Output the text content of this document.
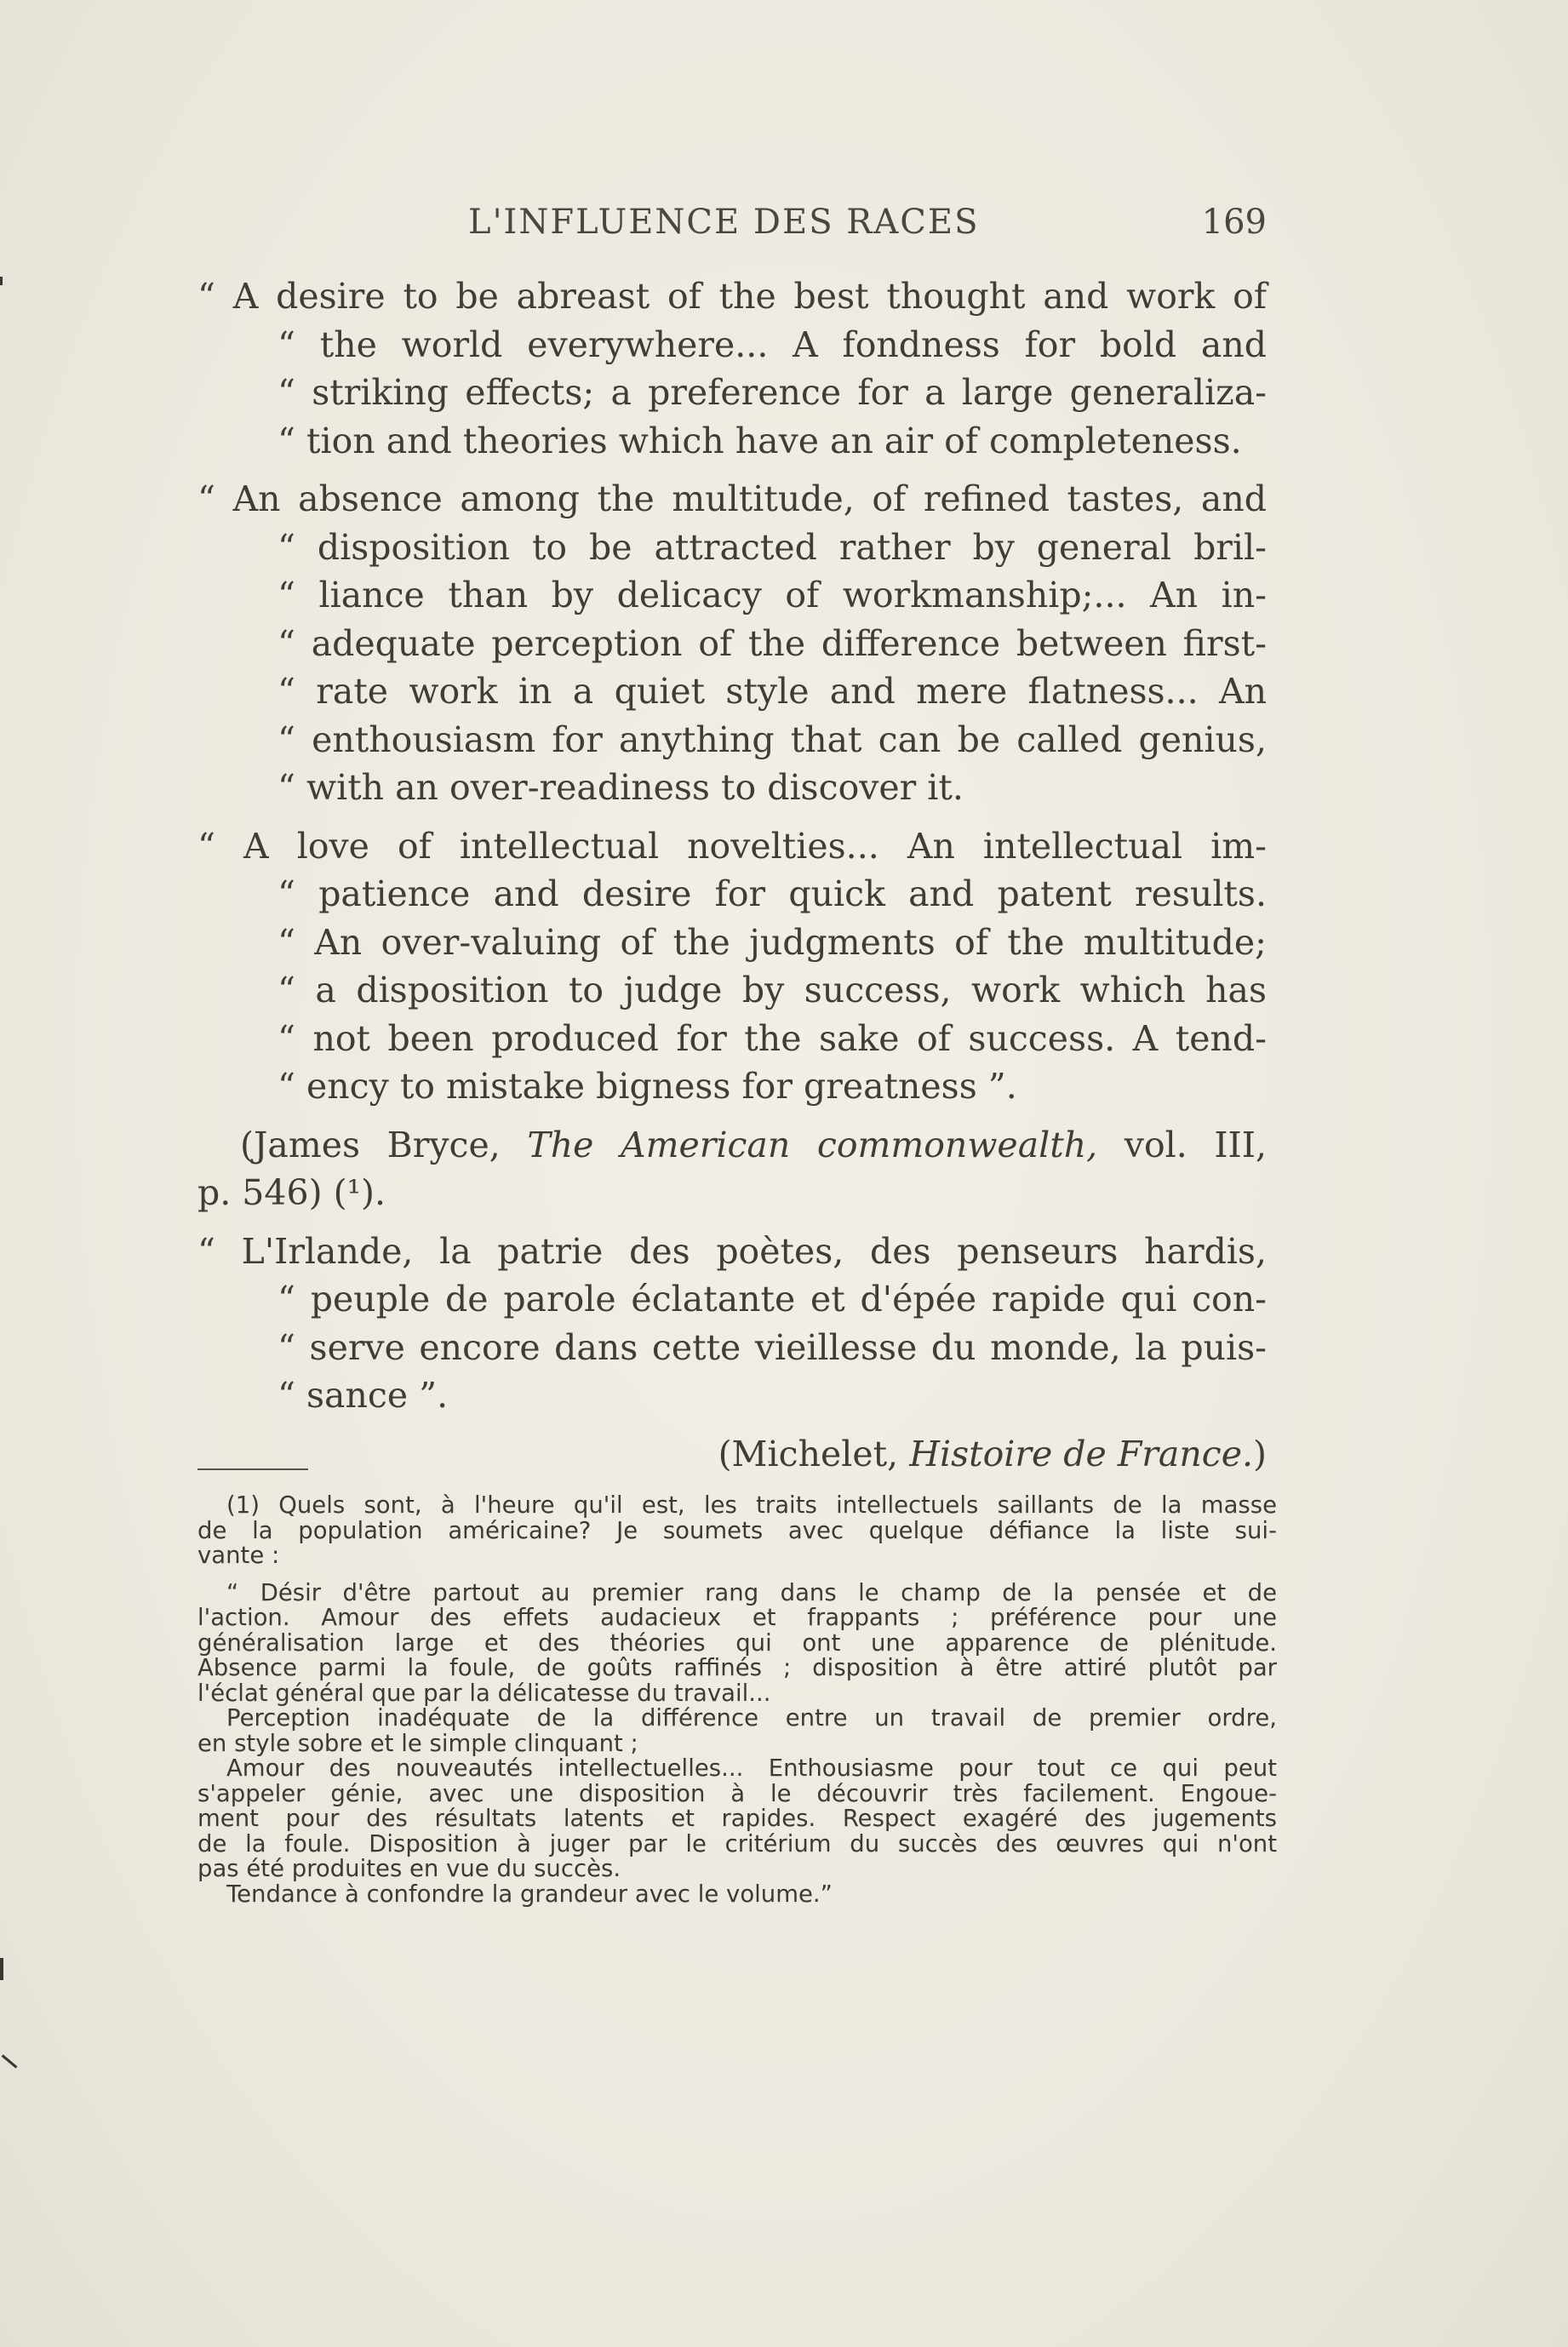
L'INFLUENCE DES RACES	169
“ A desire to be abreast of the best thought and work of
“ the world everywhere... A fondness for bold and
“ striking effects; a preference for a large generaliza-
“ tion and theories which have an air of completeness.
“ An absence among the multitude, of refined tastes, and
“ disposition to be attracted rather by general bril-
“ liance than by delicacy of workmanship;... An in-
“ adequate perception of the difference between first-
“ rate work in a quiet style and mere flatness... An
“ enthousiasm for anything that can be called genius,
“ with an over-readiness to discover it.
“ A love of intellectual novelties... An intellectual im-
“ patience and desire for quick and patent results.
“ An over-valuing of the judgments of the multitude;
“ a disposition to judge by success, work which has
“ not been produced for the sake of success. A tend-
“ ency to mistake bigness for greatness ”.
(James Bryce, The American commonwealth, vol. III,
p. 546) (¹).
“ L'Irlande, la patrie des poètes, des penseurs hardis,
“ peuple de parole éclatante et d'épée rapide qui con-
“ serve encore dans cette vieillesse du monde, la puis-
“ sance ”.
(Michelet, Histoire de France.)
(1) Quels sont, à l'heure qu'il est, les traits intellectuels saillants de la masse
de la population américaine? Je soumets avec quelque défiance la liste sui-
vante :
“ Désir d'être partout au premier rang dans le champ de la pensée et de
l'action. Amour des effets audacieux et frappants ; préférence pour une
généralisation large et des théories qui ont une apparence de plénitude.
Absence parmi la foule, de goûts raffinés ; disposition à être attiré plutôt par
l'éclat général que par la délicatesse du travail...
Perception inadéquate de la différence entre un travail de premier ordre,
en style sobre et le simple clinquant ;
Amour des nouveautés intellectuelles... Enthousiasme pour tout ce qui peut
s'appeler génie, avec une disposition à le découvrir très facilement. Engoue-
ment pour des résultats latents et rapides. Respect exagéré des jugements
de la foule. Disposition à juger par le critérium du succès des œuvres qui n'ont
pas été produites en vue du succès.
Tendance à confondre la grandeur avec le volume.”
